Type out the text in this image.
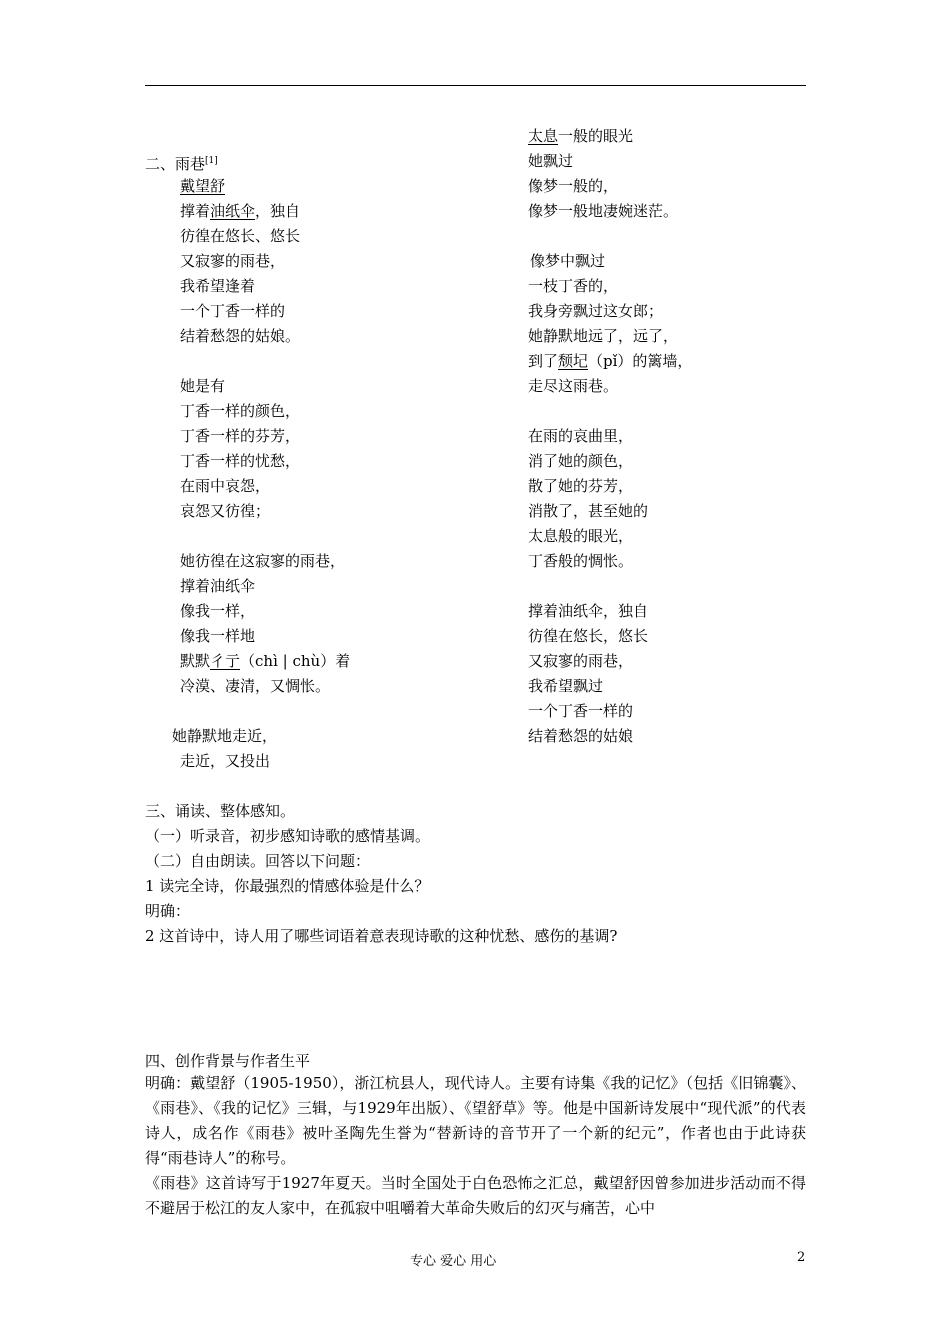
二、雨巷[1]
戴望舒
撑着油纸伞，独自
彷徨在悠长、悠长
又寂寥的雨巷，
我希望逢着
一个丁香一样的
结着愁怨的姑娘。
她是有
丁香一样的颜色，
丁香一样的芬芳，
丁香一样的忧愁，
在雨中哀怨，
哀怨又彷徨；
她彷徨在这寂寥的雨巷，
撑着油纸伞
像我一样，
像我一样地
默默彳亍（chì | chù）着
冷漠、凄清，又惆怅。
她静默地走近，
走近，又投出
太息一般的眼光
她飘过
像梦一般的，
像梦一般地凄婉迷茫。
像梦中飘过
一枝丁香的，
我身旁飘过这女郎；
她静默地远了，远了，
到了颓圮（pǐ）的篱墙，
走尽这雨巷。
在雨的哀曲里，
消了她的颜色，
散了她的芬芳，
消散了，甚至她的
太息般的眼光，
丁香般的惆怅。
撑着油纸伞，独自
彷徨在悠长，悠长
又寂寥的雨巷，
我希望飘过
一个丁香一样的
结着愁怨的姑娘
三、诵读、整体感知。
（一）听录音，初步感知诗歌的感情基调。
（二）自由朗读。回答以下问题：
1 读完全诗，你最强烈的情感体验是什么？
明确：
2 这首诗中，诗人用了哪些词语着意表现诗歌的这种忧愁、感伤的基调?
四、创作背景与作者生平
明确：戴望舒（1905-1950），浙江杭县人，现代诗人。主要有诗集《我的记忆》（包括《旧锦囊》、《雨巷》、《我的记忆》三辑，与1929年出版）、《望舒草》等。他是中国新诗发展中“现代派”的代表诗人，成名作《雨巷》被叶圣陶先生誉为“替新诗的音节开了一个新的纪元”，作者也由于此诗获得“雨巷诗人”的称号。
《雨巷》这首诗写于1927年夏天。当时全国处于白色恐怖之汇总，戴望舒因曾参加进步活动而不得不避居于松江的友人家中，在孤寂中咀嚼着大革命失败后的幻灭与痛苦，心中
专心 爱心 用心	2
